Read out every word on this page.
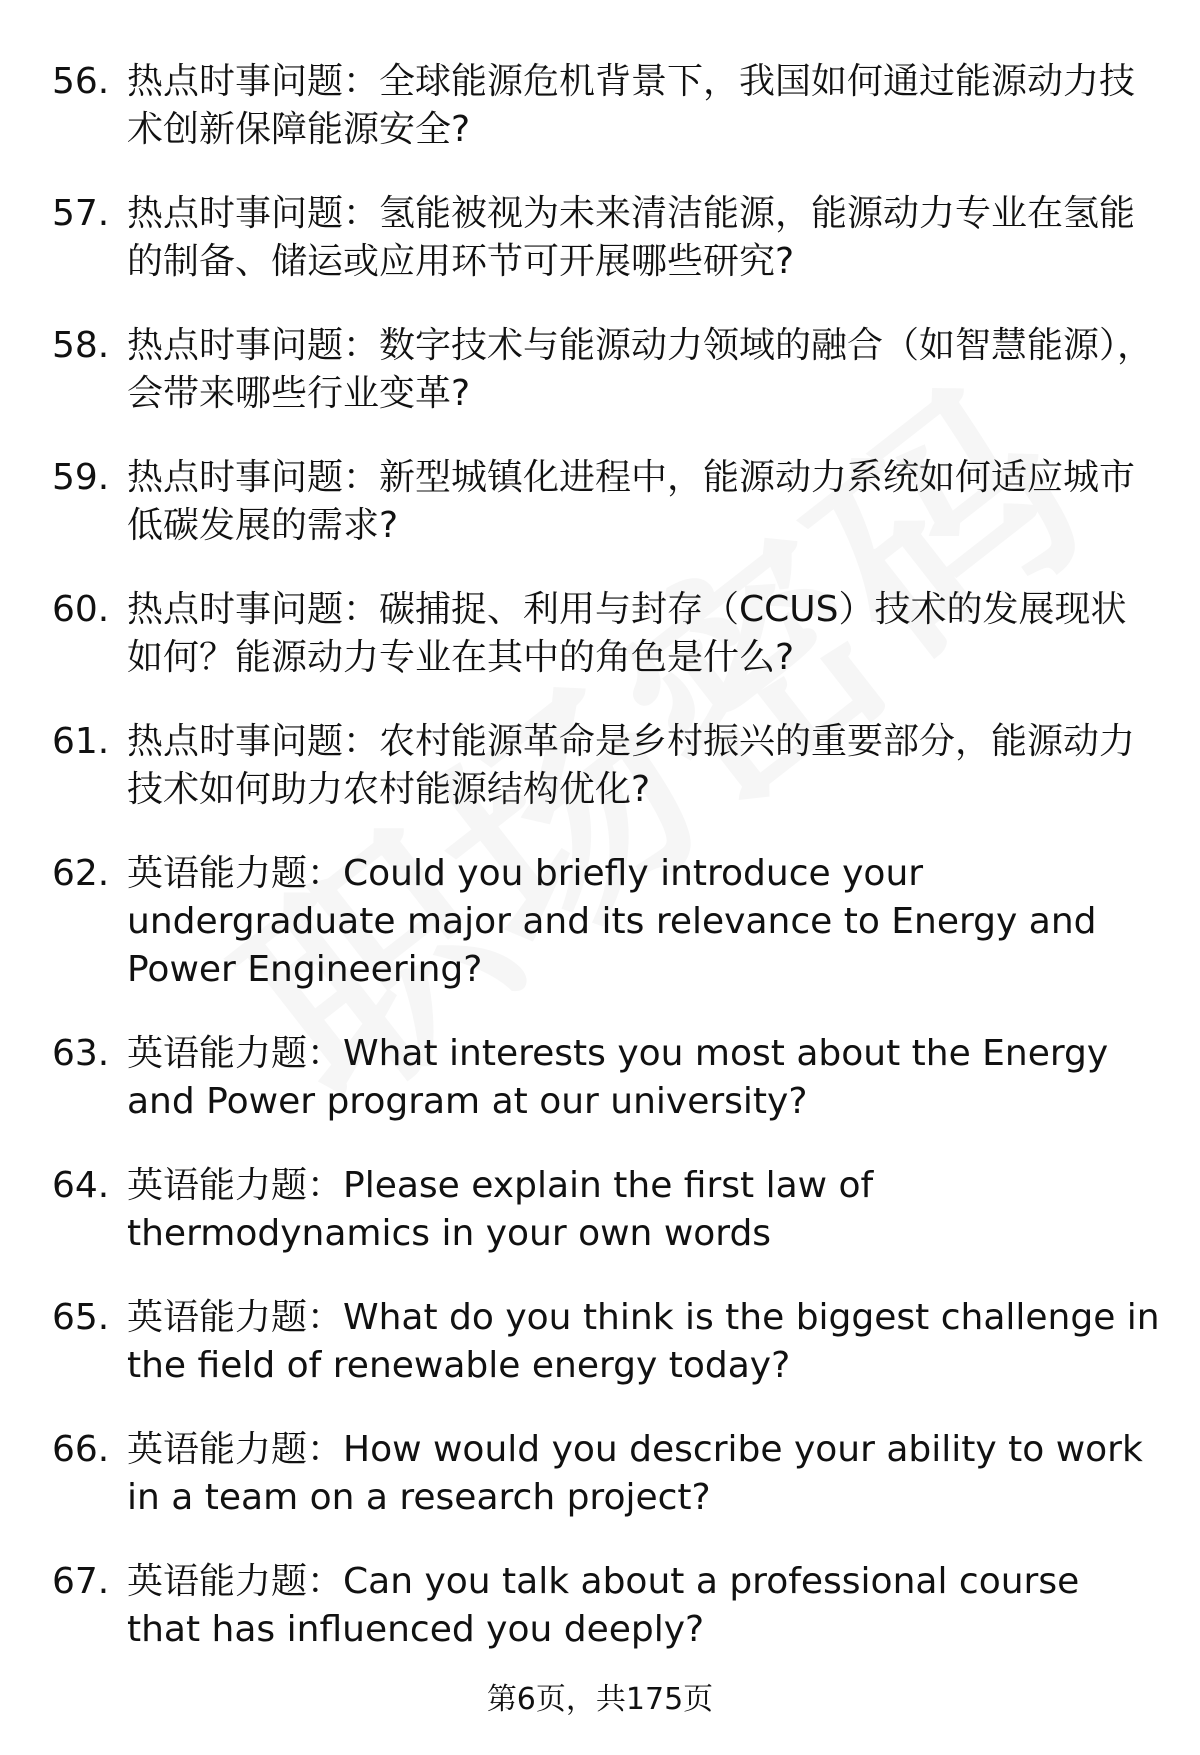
56. 热点时事问题：全球能源危机背景下，我国如何通过能源动力技术创新保障能源安全?
57. 热点时事问题：氢能被视为未来清洁能源，能源动力专业在氢能的制备、储运或应用环节可开展哪些研究?
58. 热点时事问题：数字技术与能源动力领域的融合（如智慧能源），会带来哪些行业变革?
59. 热点时事问题：新型城镇化进程中，能源动力系统如何适应城市低碳发展的需求?
60. 热点时事问题：碳捕捉、利用与封存（CCUS）技术的发展现状如何？能源动力专业在其中的角色是什么?
61. 热点时事问题：农村能源革命是乡村振兴的重要部分，能源动力技术如何助力农村能源结构优化?
62. 英语能力题：Could you briefly introduce your undergraduate major and its relevance to Energy and Power Engineering?
63. 英语能力题：What interests you most about the Energy and Power program at our university?
64. 英语能力题：Please explain the first law of thermodynamics in your own words
65. 英语能力题：What do you think is the biggest challenge in the field of renewable energy today?
66. 英语能力题：How would you describe your ability to work in a team on a research project?
67. 英语能力题：Can you talk about a professional course that has influenced you deeply?
第6页，共175页
